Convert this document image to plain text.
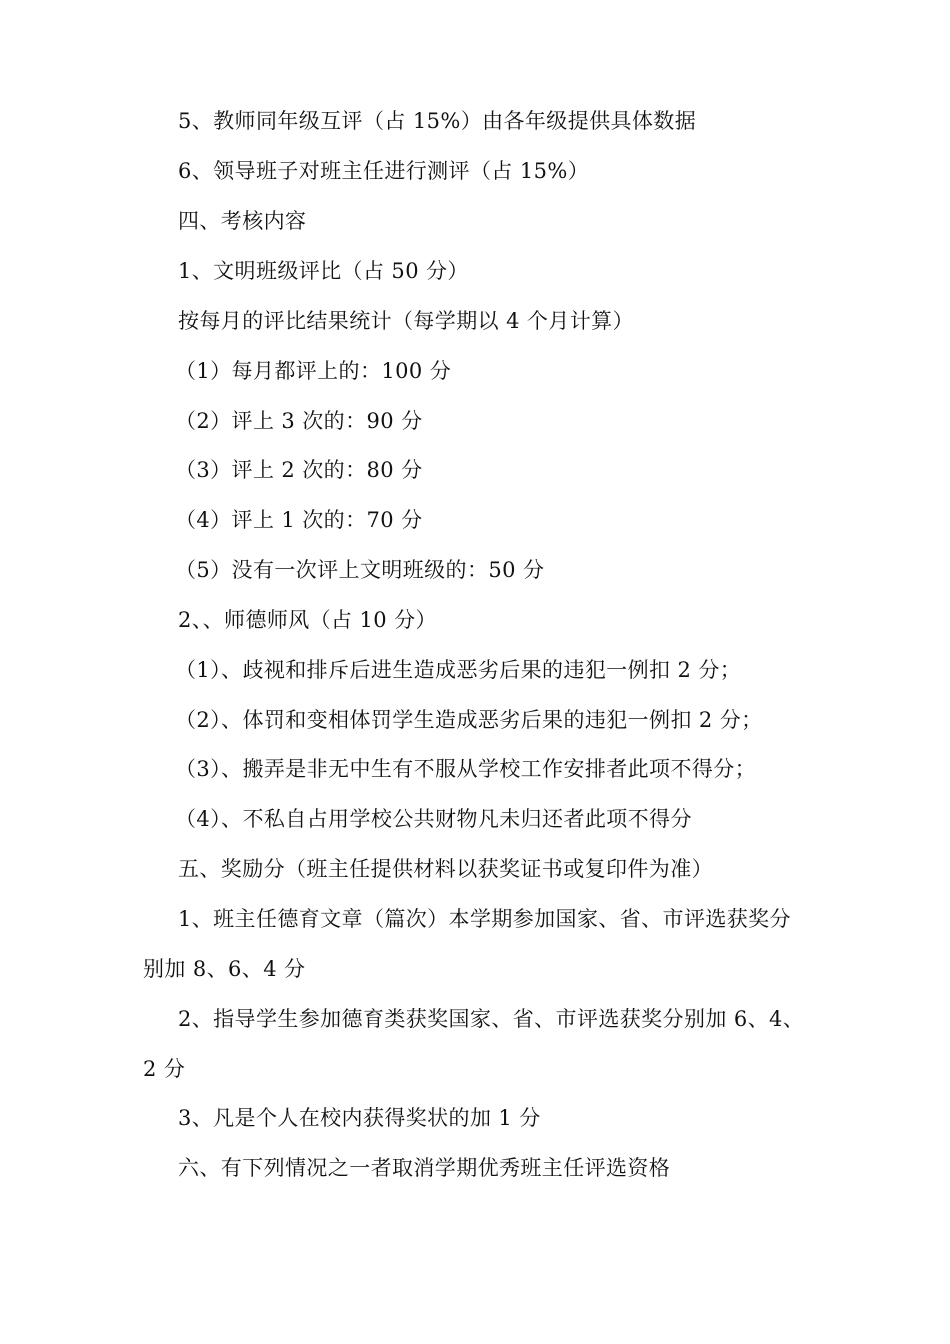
5、教师同年级互评（占 15%）由各年级提供具体数据
6、领导班子对班主任进行测评（占 15%）
四、考核内容
1、文明班级评比（占 50 分）
按每月的评比结果统计（每学期以 4 个月计算）
（1）每月都评上的：100 分
（2）评上 3 次的：90 分
（3）评上 2 次的：80 分
（4）评上 1 次的：70 分
（5）没有一次评上文明班级的：50 分
2、、师德师风（占 10 分）
（1）、歧视和排斥后进生造成恶劣后果的违犯一例扣 2 分；
（2）、体罚和变相体罚学生造成恶劣后果的违犯一例扣 2 分；
（3）、搬弄是非无中生有不服从学校工作安排者此项不得分；
（4）、不私自占用学校公共财物凡未归还者此项不得分
五、奖励分（班主任提供材料以获奖证书或复印件为准）
1、班主任德育文章（篇次）本学期参加国家、省、市评选获奖分
别加 8、6、4 分
2、指导学生参加德育类获奖国家、省、市评选获奖分别加 6、4、
2 分
3、凡是个人在校内获得奖状的加 1 分
六、有下列情况之一者取消学期优秀班主任评选资格
